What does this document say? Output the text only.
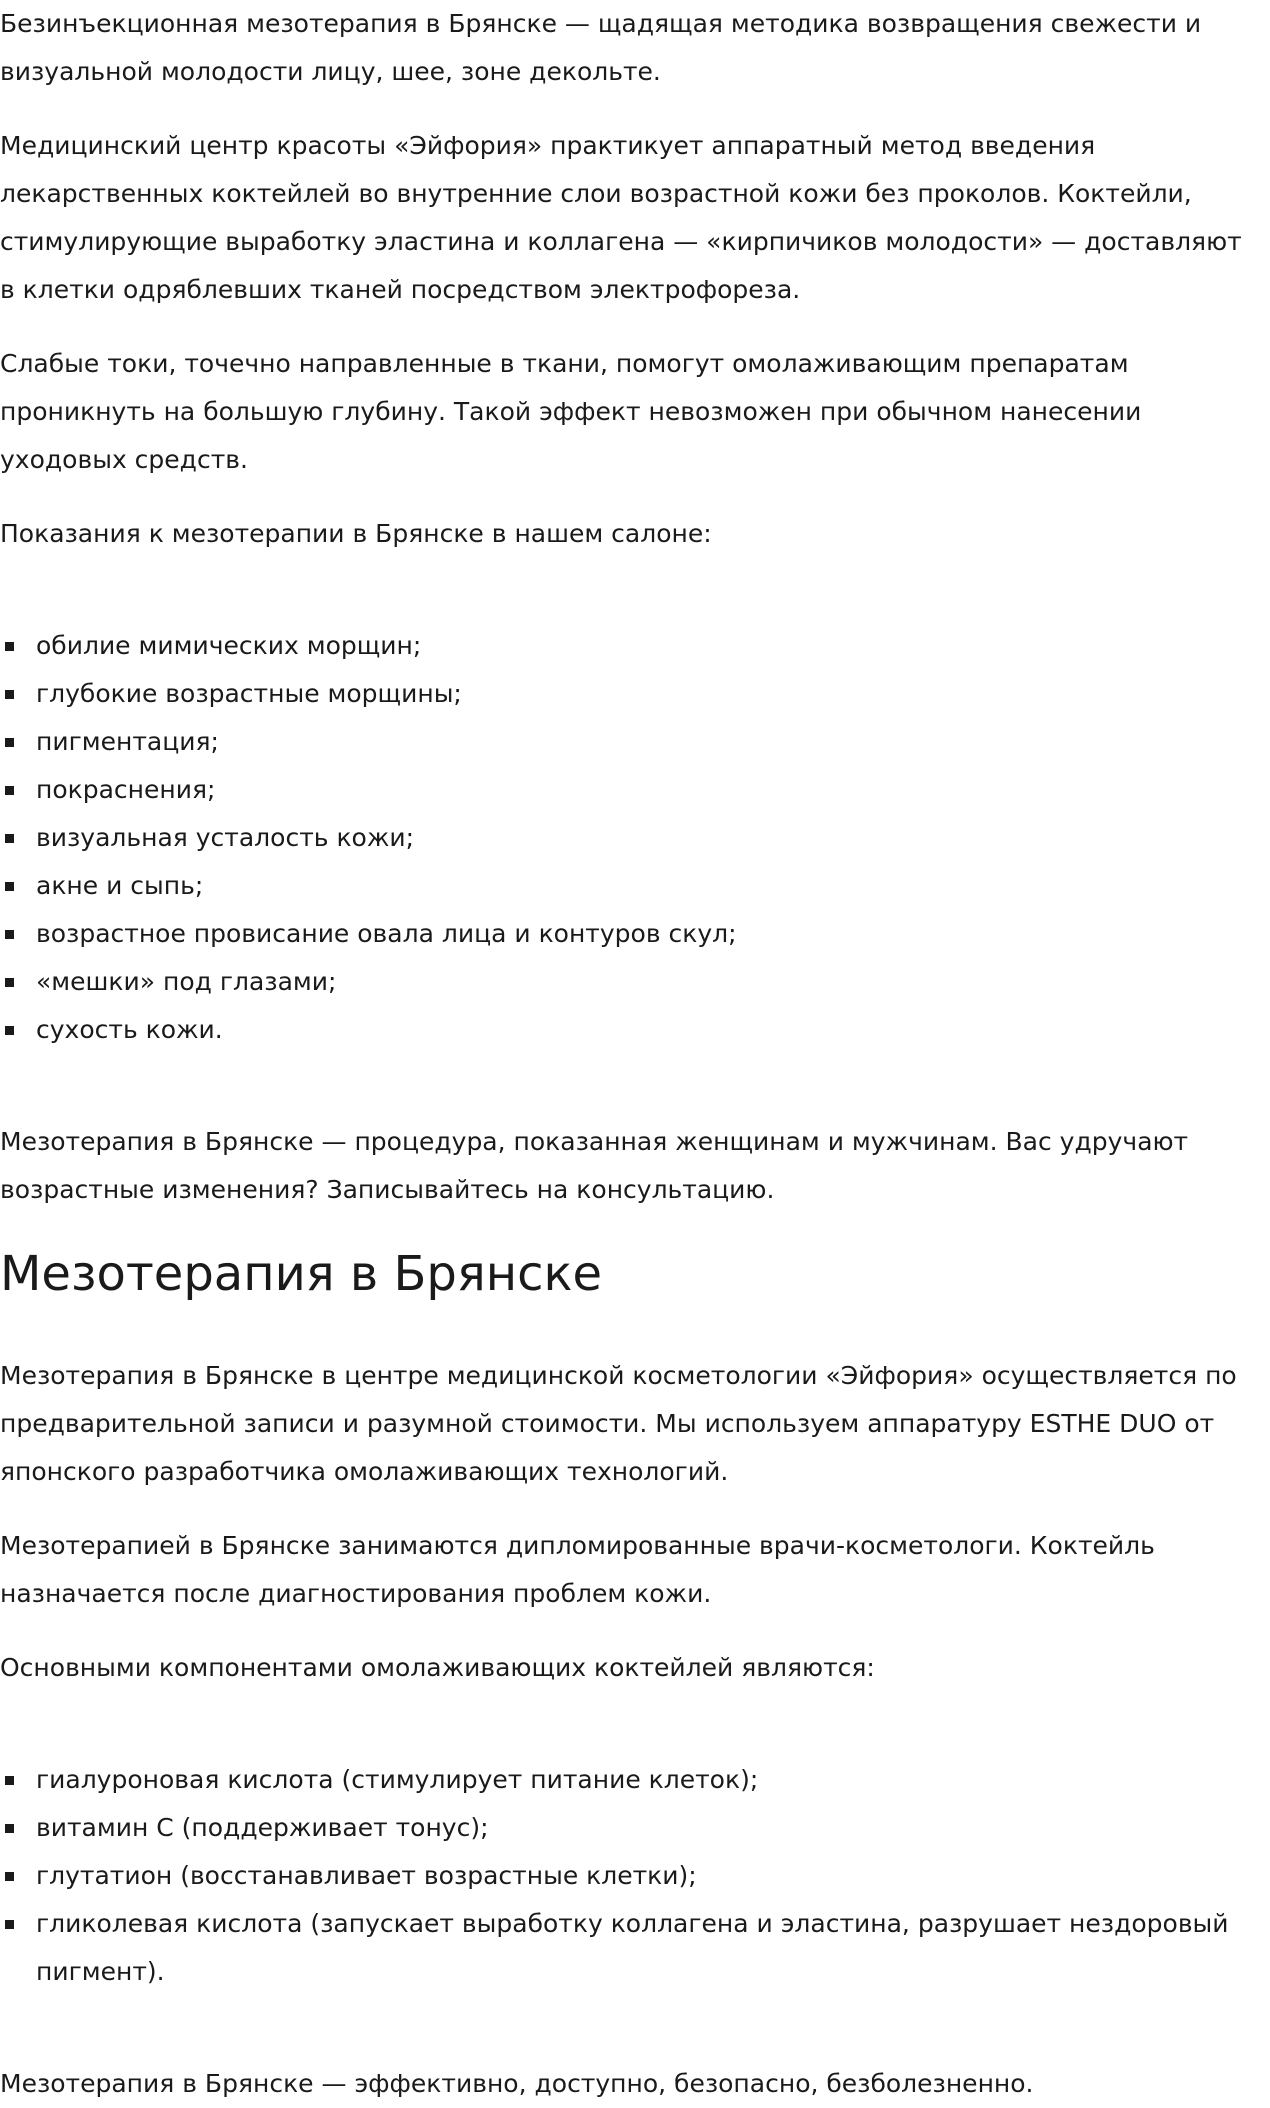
Безинъекционная мезотерапия в Брянске — щадящая методика возвращения свежести и визуальной молодости лицу, шее, зоне декольте.

Медицинский центр красоты «Эйфория» практикует аппаратный метод введения лекарственных коктейлей во внутренние слои возрастной кожи без проколов. Коктейли, стимулирующие выработку эластина и коллагена — «кирпичиков молодости» — доставляют в клетки одряблевших тканей посредством электрофореза.

Слабые токи, точечно направленные в ткани, помогут омолаживающим препаратам проникнуть на большую глубину. Такой эффект невозможен при обычном нанесении уходовых средств.

Показания к мезотерапии в Брянске в нашем салоне:

обилие мимических морщин;
глубокие возрастные морщины;
пигментация;
покраснения;
визуальная усталость кожи;
акне и сыпь;
возрастное провисание овала лица и контуров скул;
«мешки» под глазами;
сухость кожи.

Мезотерапия в Брянске — процедура, показанная женщинам и мужчинам. Вас удручают возрастные изменения? Записывайтесь на консультацию.

Мезотерапия в Брянске

Мезотерапия в Брянске в центре медицинской косметологии «Эйфория» осуществляется по предварительной записи и разумной стоимости. Мы используем аппаратуру ESTHE DUO от японского разработчика омолаживающих технологий.

Мезотерапией в Брянске занимаются дипломированные врачи-косметологи. Коктейль назначается после диагностирования проблем кожи.

Основными компонентами омолаживающих коктейлей являются:

гиалуроновая кислота (стимулирует питание клеток);
витамин С (поддерживает тонус);
глутатион (восстанавливает возрастные клетки);
гликолевая кислота (запускает выработку коллагена и эластина, разрушает нездоровый пигмент).

Мезотерапия в Брянске — эффективно, доступно, безопасно, безболезненно.
